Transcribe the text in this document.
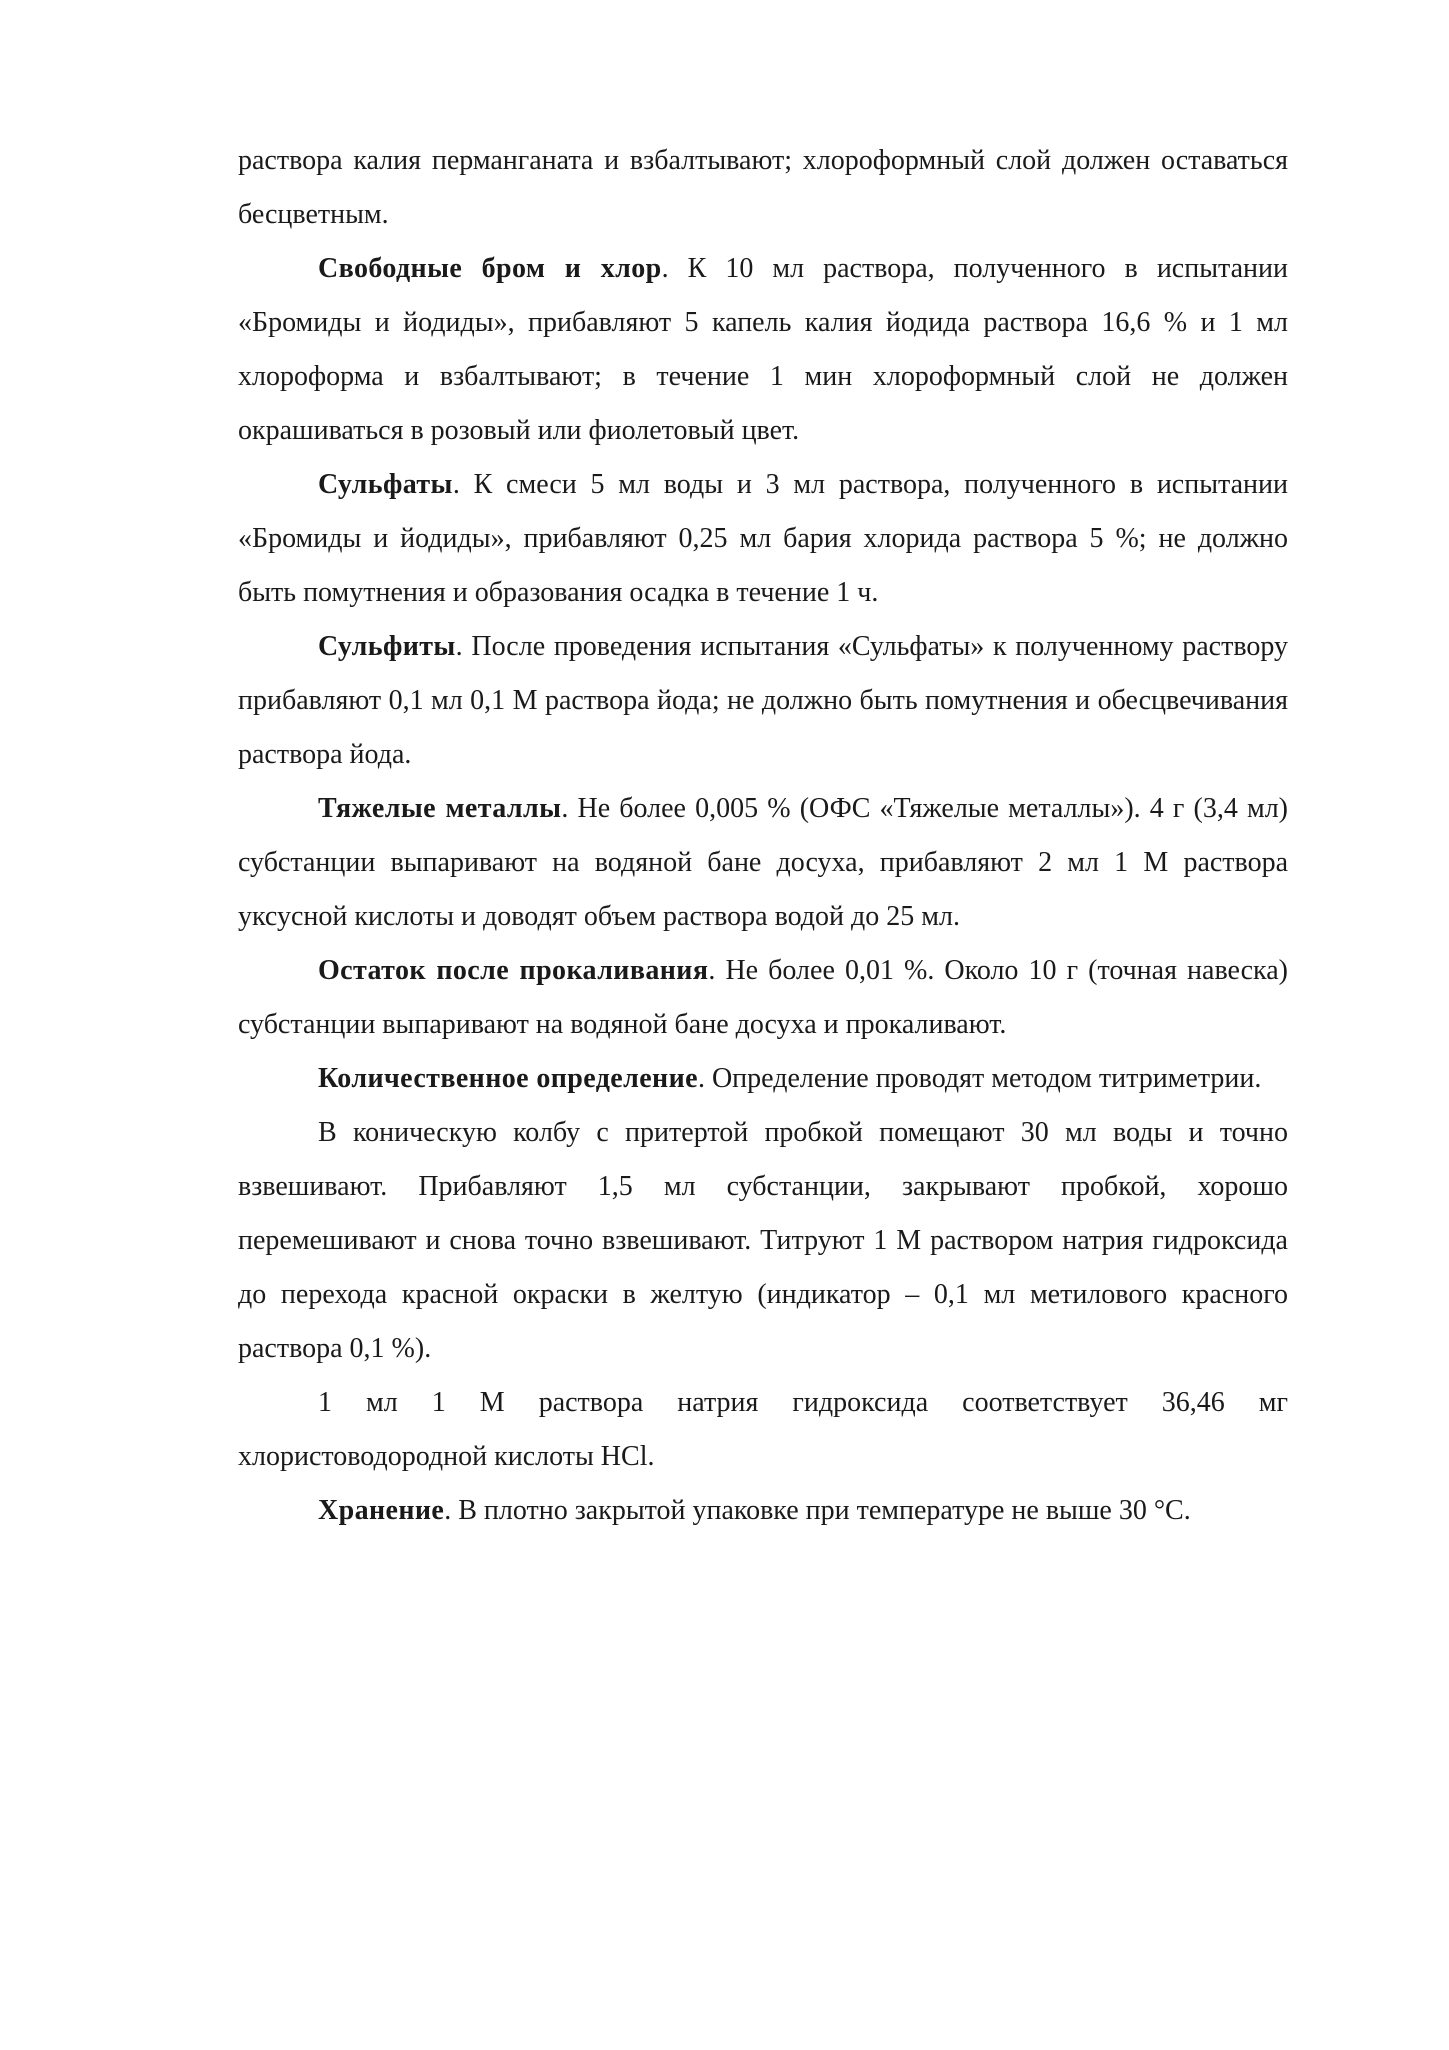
раствора калия перманганата и взбалтывают; хлороформный слой должен оставаться бесцветным.

Свободные бром и хлор. К 10 мл раствора, полученного в испытании «Бромиды и йодиды», прибавляют 5 капель калия йодида раствора 16,6 % и 1 мл хлороформа и взбалтывают; в течение 1 мин хлороформный слой не должен окрашиваться в розовый или фиолетовый цвет.

Сульфаты. К смеси 5 мл воды и 3 мл раствора, полученного в испытании «Бромиды и йодиды», прибавляют 0,25 мл бария хлорида раствора 5 %; не должно быть помутнения и образования осадка в течение 1 ч.

Сульфиты. После проведения испытания «Сульфаты» к полученному раствору прибавляют 0,1 мл 0,1 М раствора йода; не должно быть помутнения и обесцвечивания раствора йода.

Тяжелые металлы. Не более 0,005 % (ОФС «Тяжелые металлы»). 4 г (3,4 мл) субстанции выпаривают на водяной бане досуха, прибавляют 2 мл 1 М раствора уксусной кислоты и доводят объем раствора водой до 25 мл.

Остаток после прокаливания. Не более 0,01 %. Около 10 г (точная навеска) субстанции выпаривают на водяной бане досуха и прокаливают.

Количественное определение. Определение проводят методом титриметрии.

В коническую колбу с притертой пробкой помещают 30 мл воды и точно взвешивают. Прибавляют 1,5 мл субстанции, закрывают пробкой, хорошо перемешивают и снова точно взвешивают. Титруют 1 М раствором натрия гидроксида до перехода красной окраски в желтую (индикатор – 0,1 мл метилового красного раствора 0,1 %).

1 мл 1 М раствора натрия гидроксида соответствует 36,46 мг хлористоводородной кислоты HCl.

Хранение. В плотно закрытой упаковке при температуре не выше 30 °С.
